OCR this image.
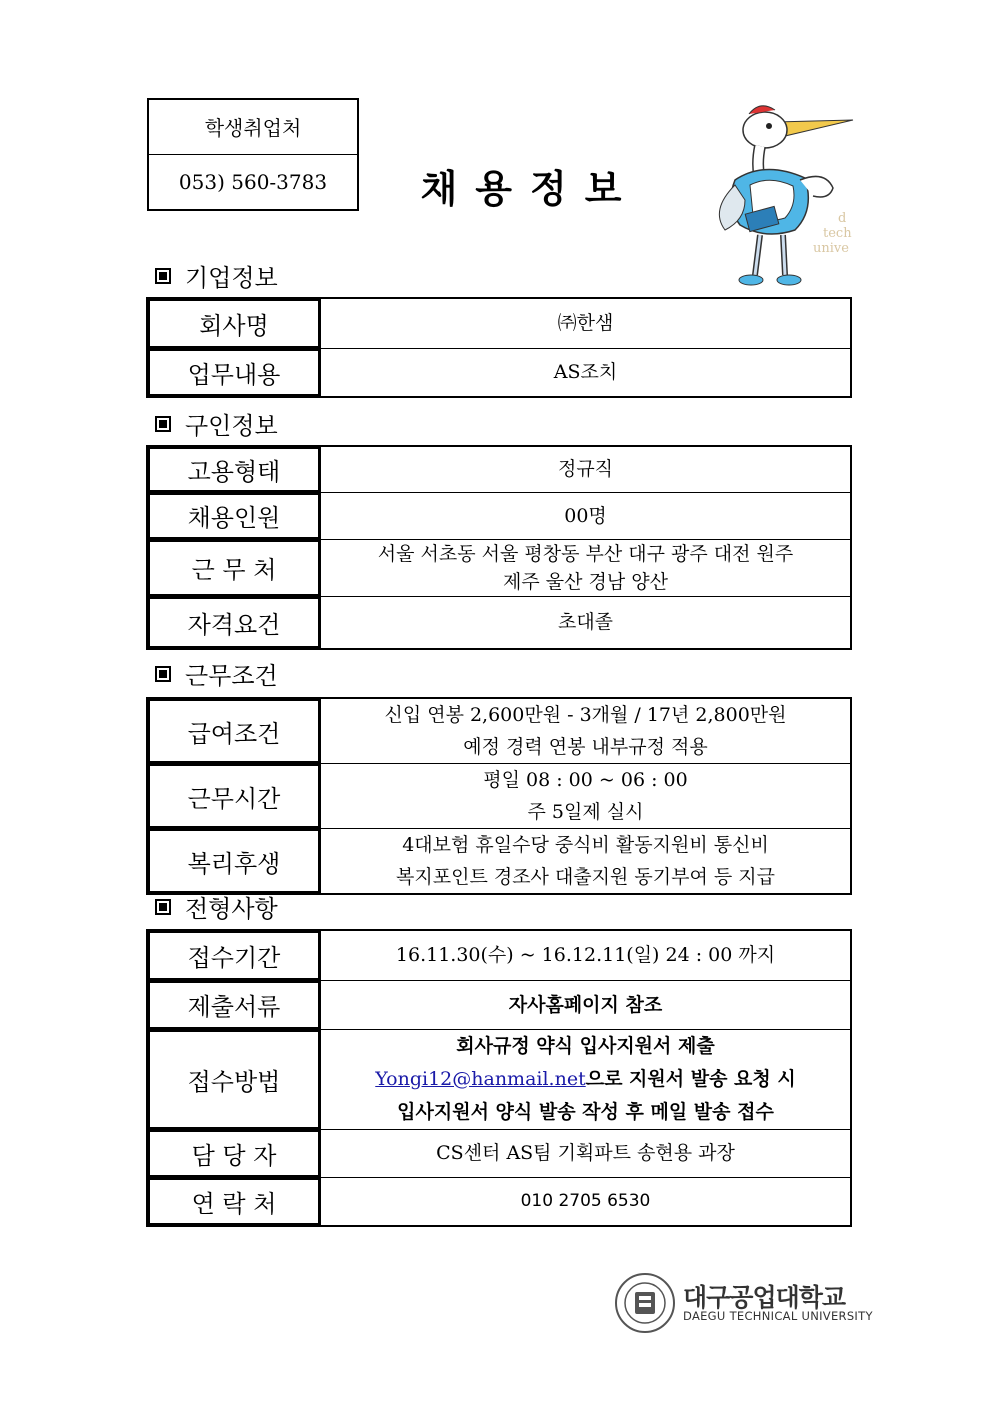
학생취업처
053) 560-3783	채용정보
d
tech
unive
기업정보
회사명	㈜한샘
업무내용	AS조치
구인정보
고용형태	정규직
채용인원	00명
근 무 처	서울 서초동 서울 평창동 부산 대구 광주 대전 원주
제주 울산 경남 양산

자격요건	초대졸
근무조건
급여조건	신입 연봉 2,600만원 - 3개월 / 17년 2,800만원
예정 경력 연봉 내부규정 적용

근무시간	평일 08 : 00 ~ 06 : 00
주 5일제 실시

복리후생	4대보험 휴일수당 중식비 활동지원비 통신비
복지포인트 경조사 대출지원 동기부여 등 지급
전형사항
접수기간	16.11.30(수) ~ 16.12.11(일) 24 : 00 까지
제출서류	자사홈페이지 참조
접수방법	회사규정 약식 입사지원서 제출
Yongi12@hanmail.net으로 지원서 발송 요청 시
입사지원서 양식 발송 작성 후 메일 발송 접수

담 당 자	CS센터 AS팀 기획파트 송현용 과장
연 락 처	010 2705 6530
대구공업대학교
DAEGU TECHNICAL UNIVERSITY
